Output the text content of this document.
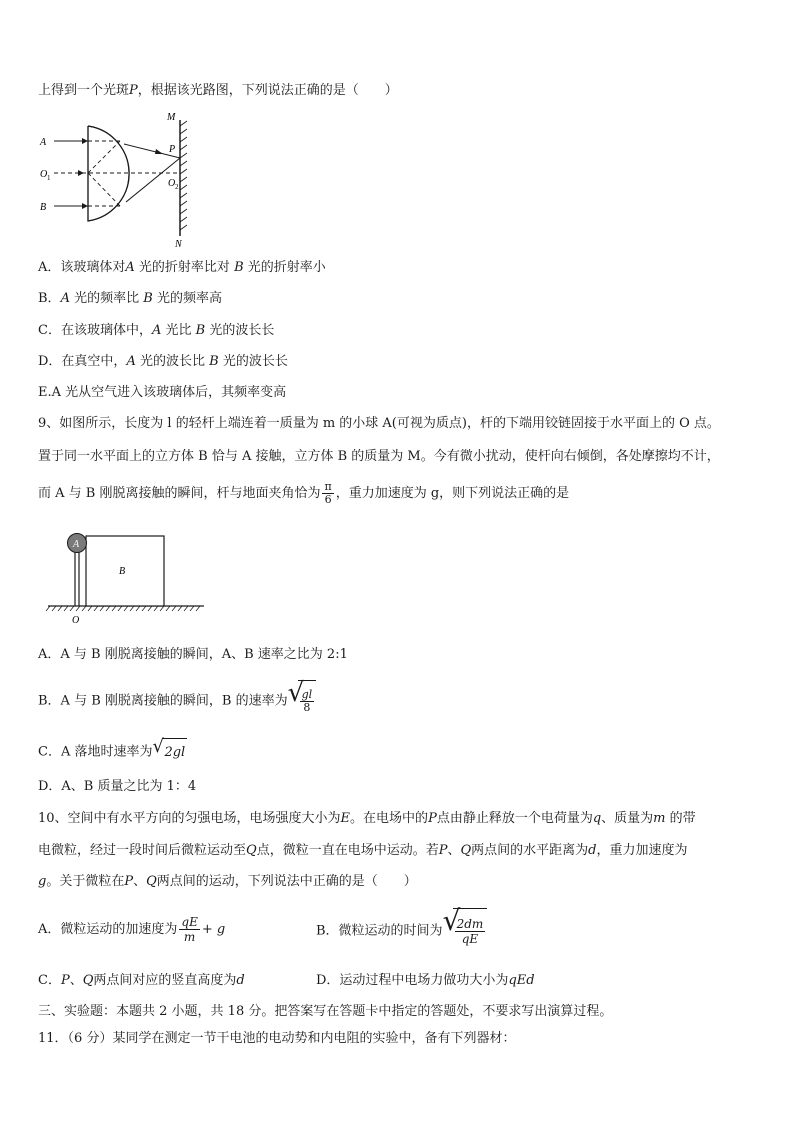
上得到一个光斑P，根据该光路图，下列说法正确的是（　　）
A
B
O 1	O 2
M
N
P
A．该玻璃体对A 光的折射率比对 B 光的折射率小
B．A 光的频率比 B 光的频率高
C．在该玻璃体中，A 光比 B 光的波长长
D．在真空中，A 光的波长比 B 光的波长长
E.A 光从空气进入该玻璃体后，其频率变高
9、如图所示，长度为 l 的轻杆上端连着一质量为 m 的小球 A(可视为质点)，杆的下端用铰链固接于水平面上的 O 点。
置于同一水平面上的立方体 B 恰与 A 接触，立方体 B 的质量为 M。今有微小扰动，使杆向右倾倒，各处摩擦均不计，
而 A 与 B 刚脱离接触的瞬间，杆与地面夹角恰为 $\frac{\pi}{6}$ ，重力加速度为 g，则下列说法正确的是
A
B
O
A．A 与 B 刚脱离接触的瞬间，A、B 速率之比为 2:1
B．A 与 B 刚脱离接触的瞬间，B 的速率为 √
$\frac{gl}{8}$
C．A 落地时速率为 √ 2gl
D．A、B 质量之比为 1：4
10、空间中有水平方向的匀强电场，电场强度大小为E。在电场中的P点由静止释放一个电荷量为q、质量为m 的带
电微粒，经过一段时间后微粒运动至Q点，微粒一直在电场中运动。若P、Q两点间的水平距离为d，重力加速度为
g。关于微粒在P、Q两点间的运动，下列说法中正确的是（　　）
A．微粒运动的加速度为 $\frac{qE}{m} + g$	B．微粒运动的时间为 √
$\frac{2dm}{qE}$
C．P、Q两点间对应的竖直高度为d	D．运动过程中电场力做功大小为qEd
三、实验题：本题共 2 小题，共 18 分。把答案写在答题卡中指定的答题处，不要求写出演算过程。
11．（6 分）某同学在测定一节干电池的电动势和内电阻的实验中，备有下列器材：
